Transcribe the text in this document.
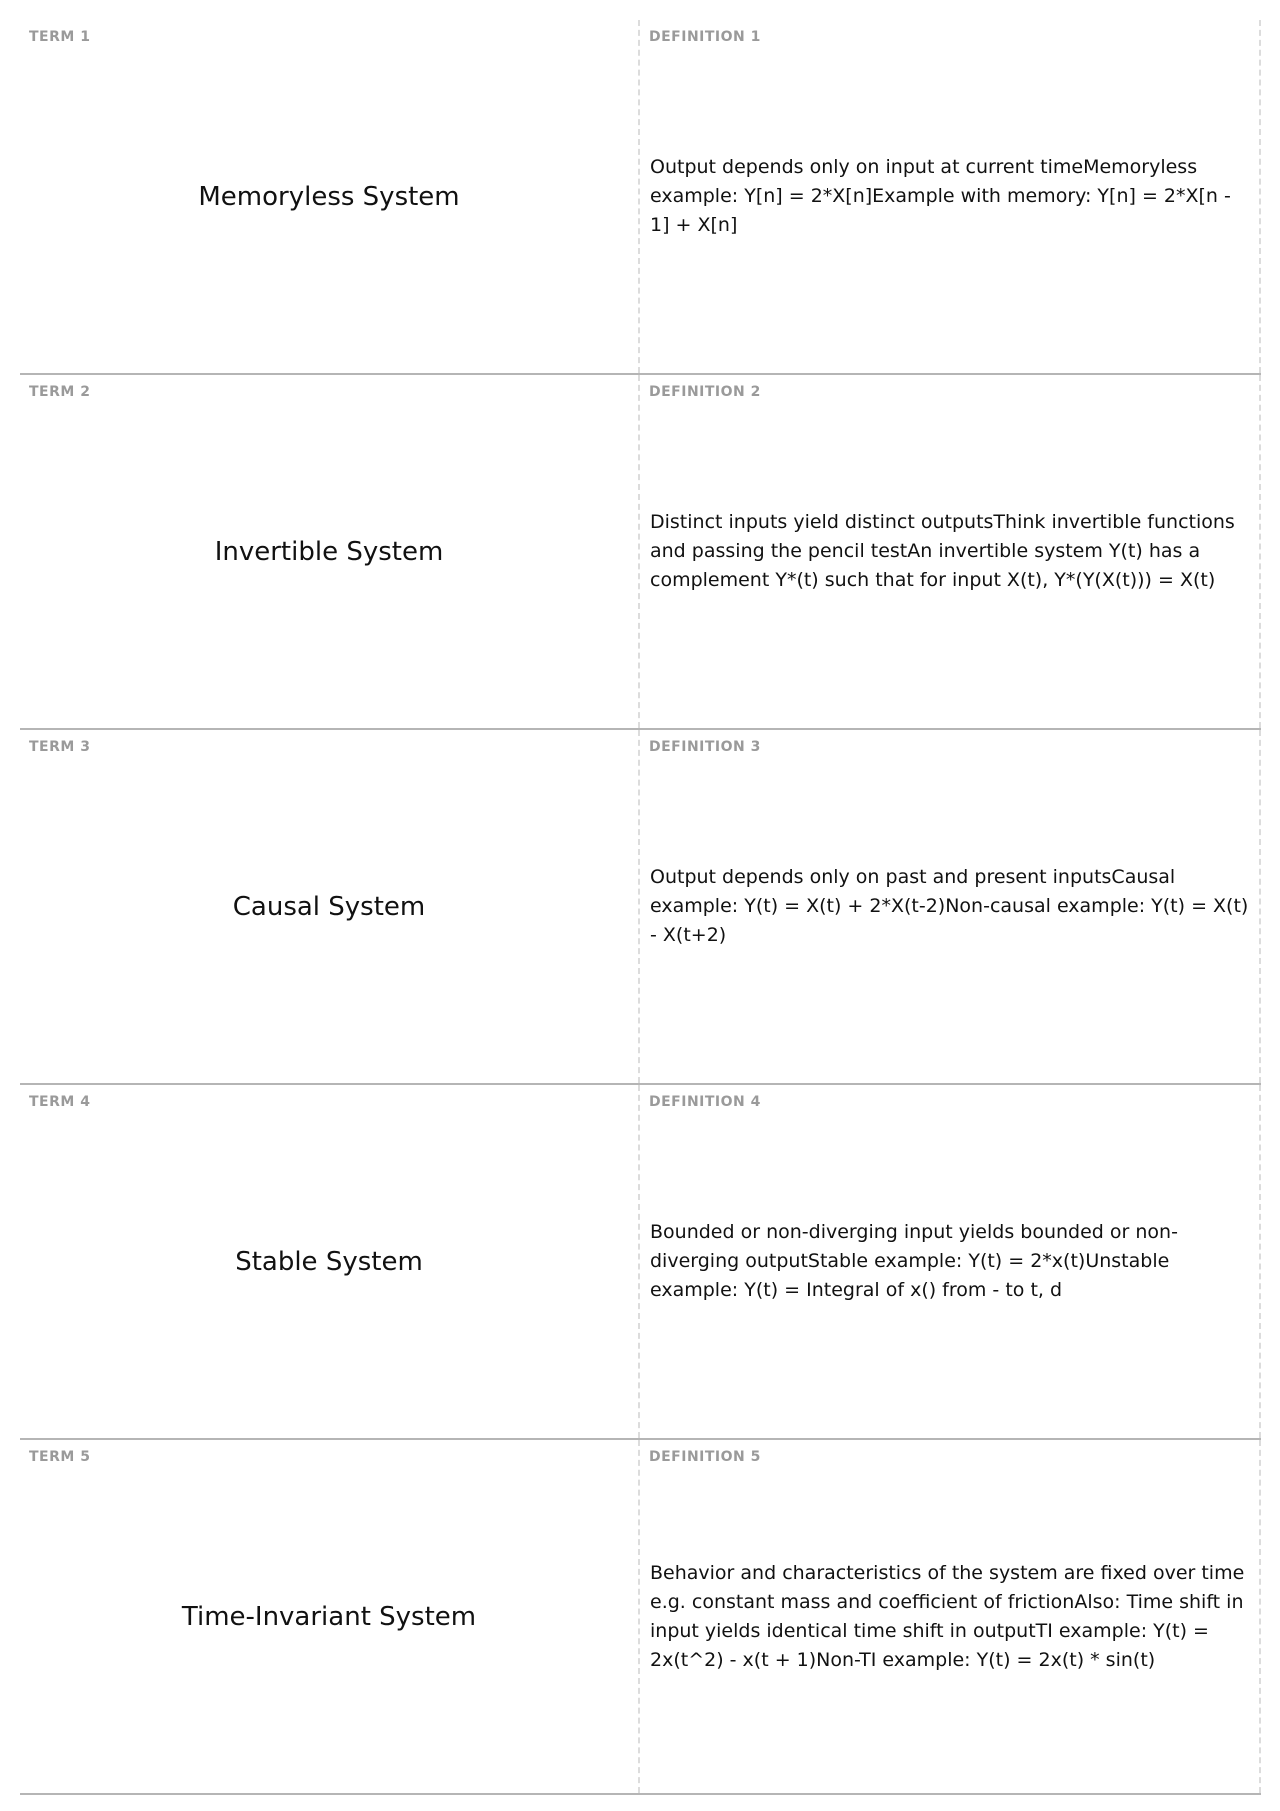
TERM 1
Memoryless System
DEFINITION 1
Output depends only on input at current timeMemoryless example: Y[n] = 2*X[n]Example with memory: Y[n] = 2*X[n - 1] + X[n]
TERM 2
Invertible System
DEFINITION 2
Distinct inputs yield distinct outputsThink invertible functions and passing the pencil testAn invertible system Y(t) has a complement Y*(t) such that for input X(t), Y*(Y(X(t))) = X(t)
TERM 3
Causal System
DEFINITION 3
Output depends only on past and present inputsCausal example: Y(t) = X(t) + 2*X(t-2)Non-causal example: Y(t) = X(t) - X(t+2)
TERM 4
Stable System
DEFINITION 4
Bounded or non-diverging input yields bounded or non-diverging outputStable example: Y(t) = 2*x(t)Unstable example: Y(t) = Integral of x() from - to t, d
TERM 5
Time-Invariant System
DEFINITION 5
Behavior and characteristics of the system are fixed over time e.g. constant mass and coefficient of frictionAlso: Time shift in input yields identical time shift in outputTI example: Y(t) = 2x(t^2) - x(t + 1)Non-TI example: Y(t) = 2x(t) * sin(t)
